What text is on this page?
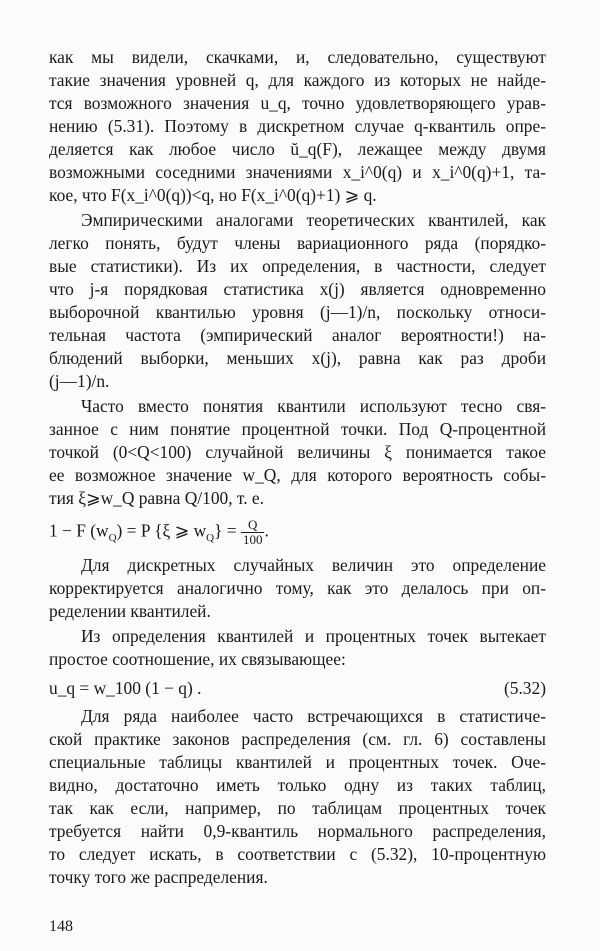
как мы видели, скачками, и, следовательно, существуют
такие значения уровней q, для каждого из которых не найде-
тся возможного значения u_q, точно удовлетворяющего урав-
нению (5.31). Поэтому в дискретном случае q-квантиль опре-
деляется как любое число ŭ_q(F), лежащее между двумя
возможными соседними значениями x_i^0(q) и x_i^0(q)+1, та-
кое, что F(x_i^0(q))<q, но F(x_i^0(q)+1) ⩾ q.
Эмпирическими аналогами теоретических квантилей, как
легко понять, будут члены вариационного ряда (порядко-
вые статистики). Из их определения, в частности, следует
что j-я порядковая статистика x(j) является одновременно
выборочной квантилью уровня (j—1)/n, поскольку относи-
тельная частота (эмпирический аналог вероятности!) на-
блюдений выборки, меньших x(j), равна как раз дроби
(j—1)/n.
Часто вместо понятия квантили используют тесно свя-
занное с ним понятие процентной точки. Под Q-процентной
точкой (0<Q<100) случайной величины ξ понимается такое
ее возможное значение w_Q, для которого вероятность собы-
тия ξ⩾w_Q равна Q/100, т. е.
1 − F $(w_Q) = P$ {ξ ⩾ $w_Q\} = \frac{Q}{100}$ .
Для дискретных случайных величин это определение
корректируется аналогично тому, как это делалось при оп-
ределении квантилей.
Из определения квантилей и процентных точек вытекает
простое соотношение, их связывающее:
u_q = w_100 (1 − q) .	(5.32)
Для ряда наиболее часто встречающихся в статистиче-
ской практике законов распределения (см. гл. 6) составлены
специальные таблицы квантилей и процентных точек. Оче-
видно, достаточно иметь только одну из таких таблиц,
так как если, например, по таблицам процентных точек
требуется найти 0,9-квантиль нормального распределения,
то следует искать, в соответствии с (5.32), 10-процентную
точку того же распределения.
148
